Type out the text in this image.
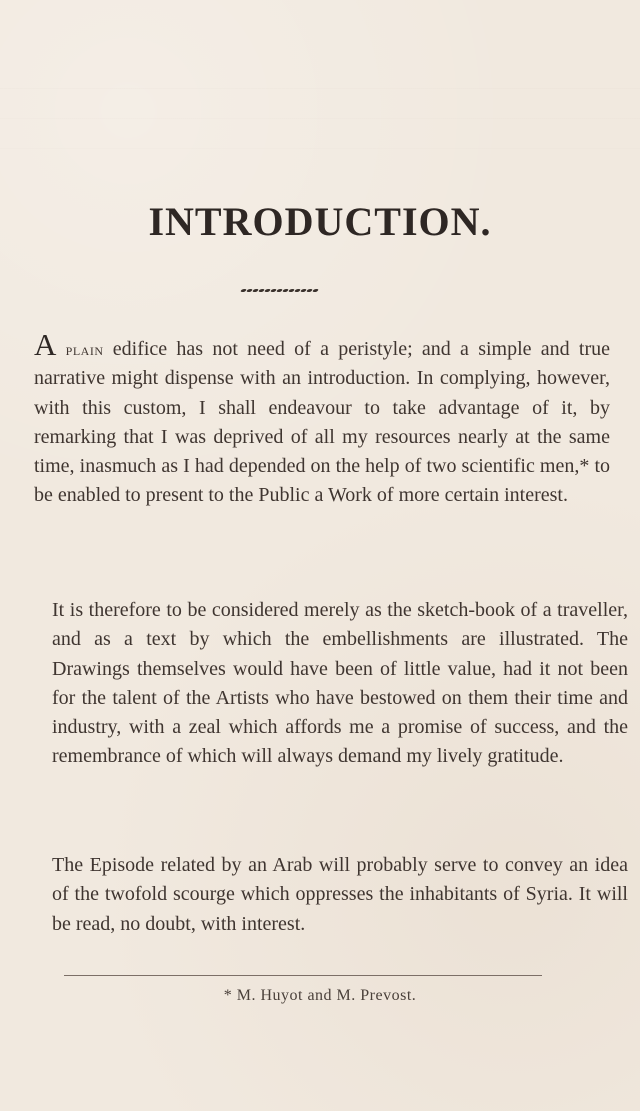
INTRODUCTION.
A plain edifice has not need of a peristyle; and a simple and true narrative might dispense with an introduction. In complying, however, with this custom, I shall endeavour to take advantage of it, by remarking that I was deprived of all my resources nearly at the same time, inasmuch as I had depended on the help of two scientific men,* to be enabled to present to the Public a Work of more certain interest.
It is therefore to be considered merely as the sketch-book of a traveller, and as a text by which the embellishments are illustrated. The Drawings themselves would have been of little value, had it not been for the talent of the Artists who have bestowed on them their time and industry, with a zeal which affords me a promise of success, and the remembrance of which will always demand my lively gratitude.
The Episode related by an Arab will probably serve to convey an idea of the twofold scourge which oppresses the inhabitants of Syria. It will be read, no doubt, with interest.
* M. Huyot and M. Prevost.
